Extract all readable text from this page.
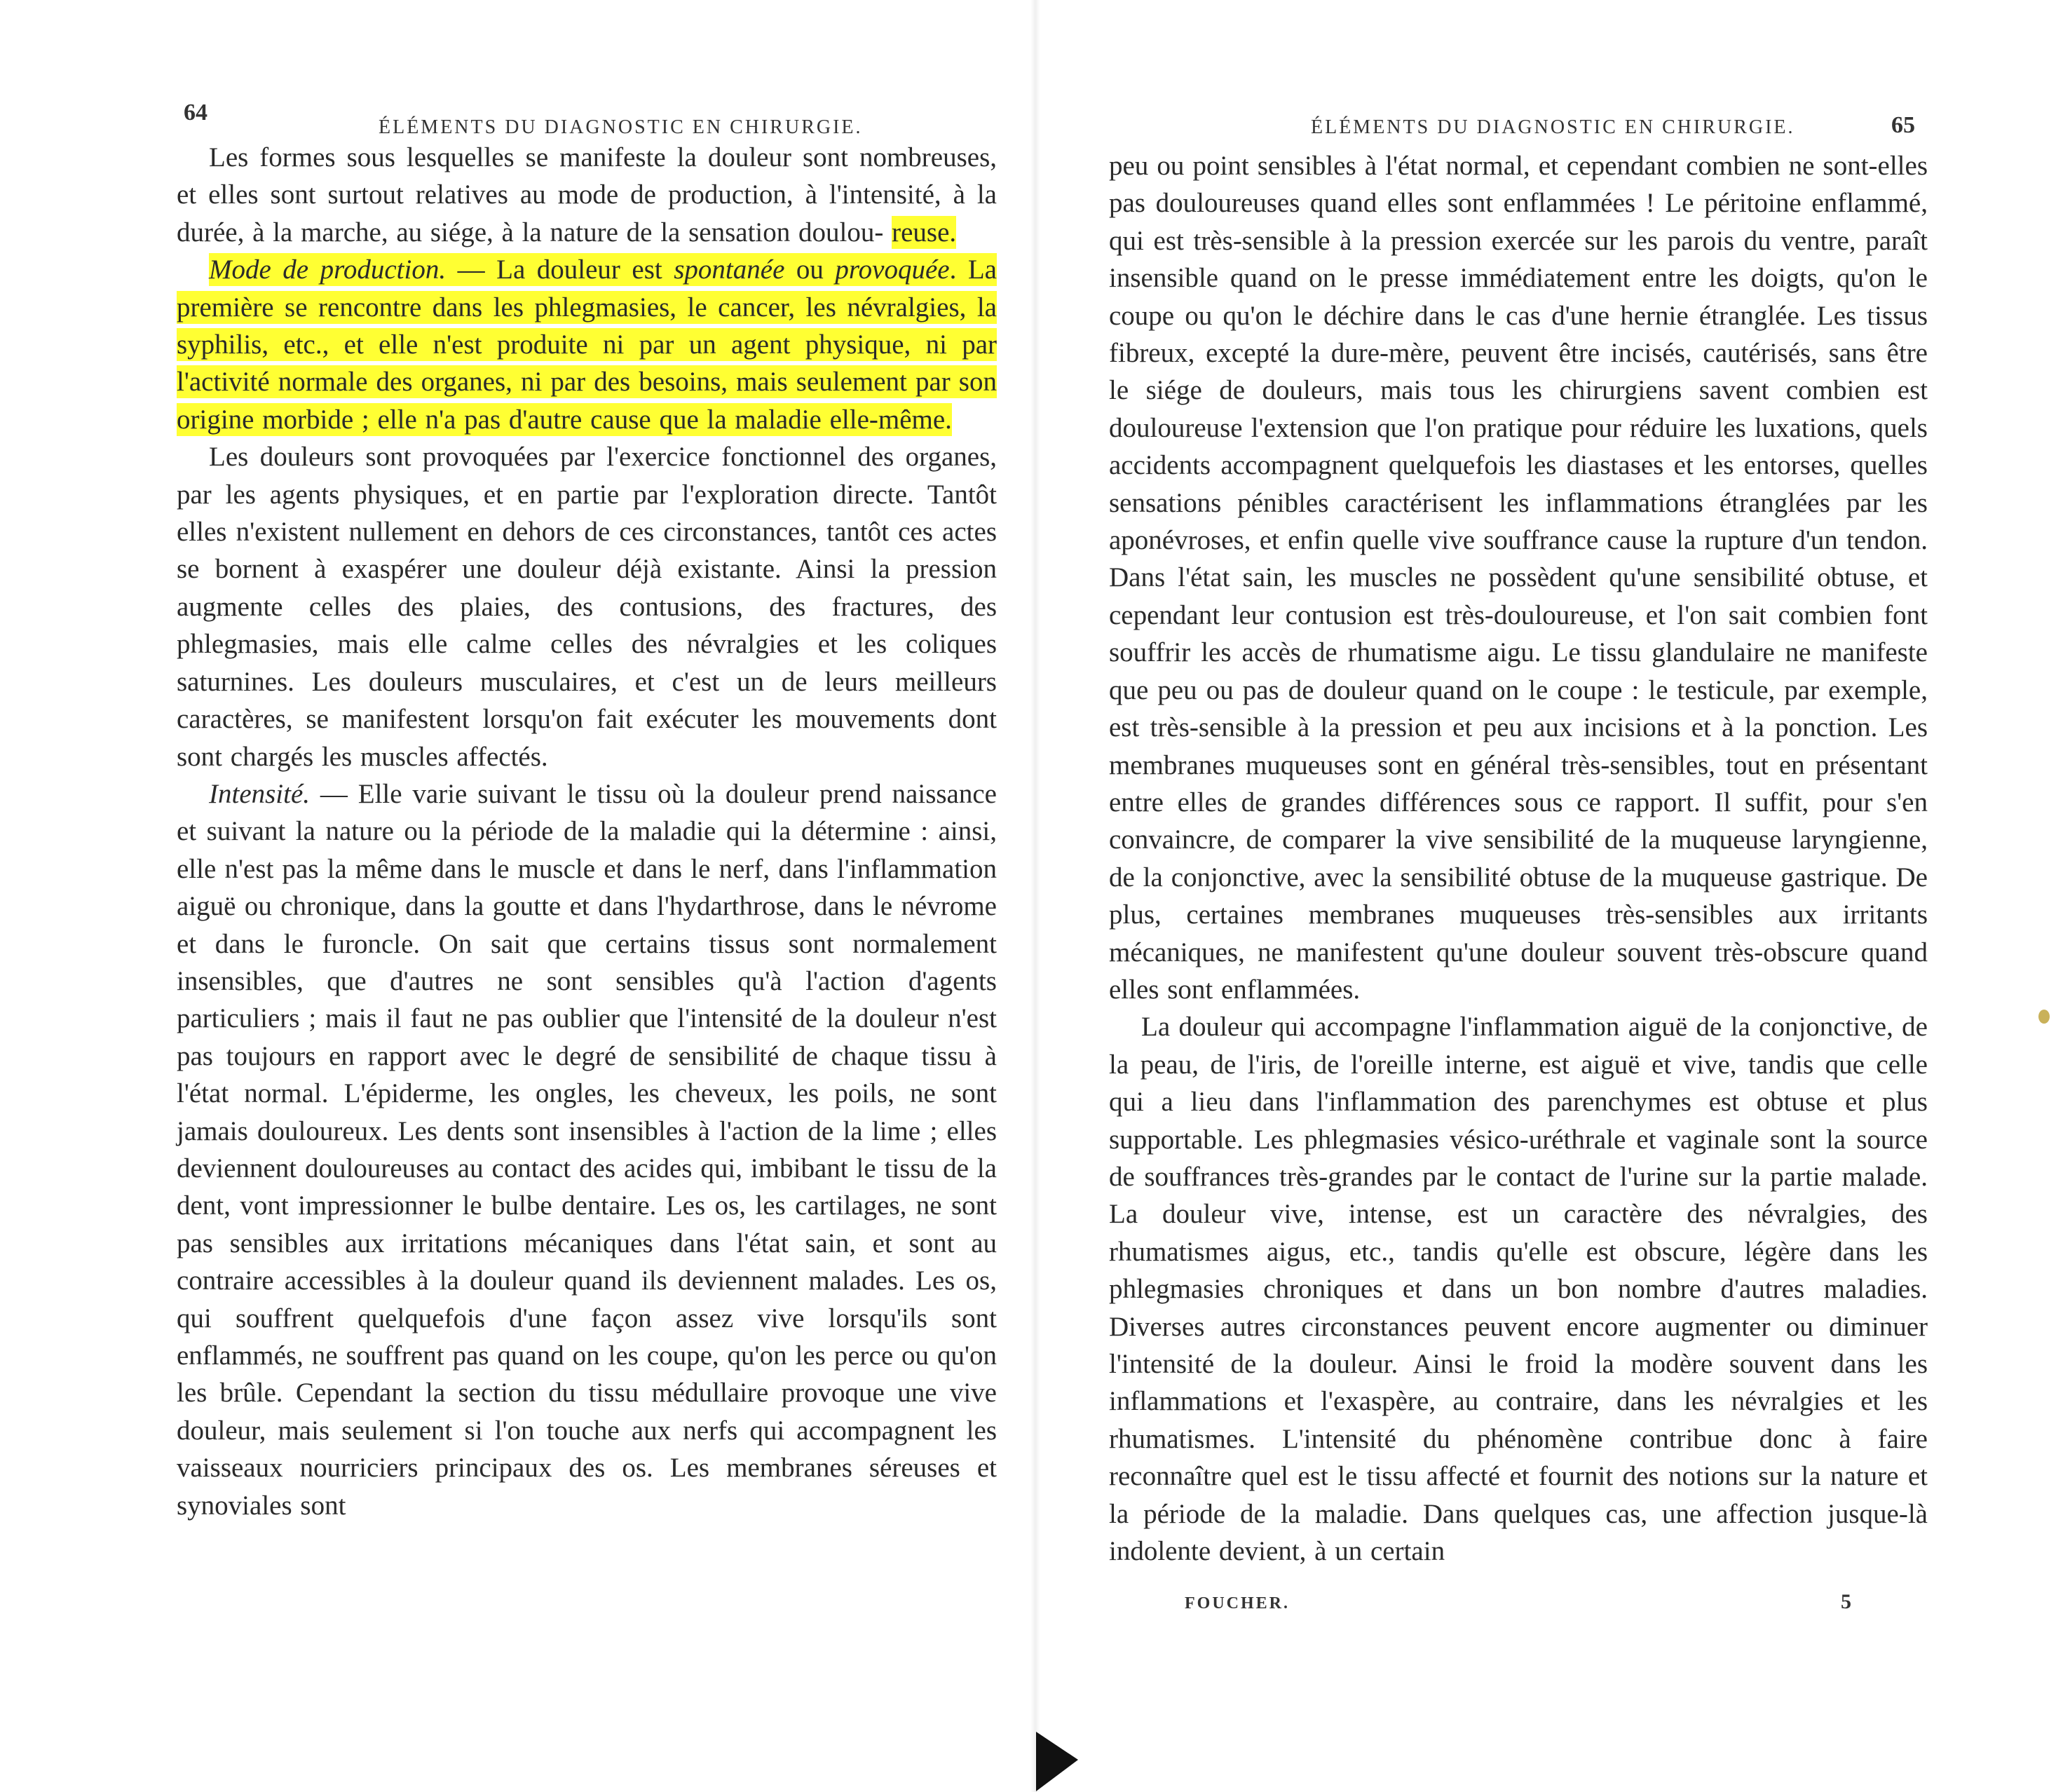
64
ÉLÉMENTS DU DIAGNOSTIC EN CHIRURGIE.

Les formes sous lesquelles se manifeste la douleur sont nombreuses, et elles sont surtout relatives au mode de production, à l'intensité, à la durée, à la marche, au siége, à la nature de la sensation doulou- reuse.

Mode de production. — La douleur est spontanée ou provoquée. La première se rencontre dans les phlegmasies, le cancer, les névralgies, la syphilis, etc., et elle n'est produite ni par un agent physique, ni par l'activité normale des organes, ni par des besoins, mais seulement par son origine morbide ; elle n'a pas d'autre cause que la maladie elle-même.

Les douleurs sont provoquées par l'exercice fonctionnel des organes, par les agents physiques, et en partie par l'exploration directe. Tantôt elles n'existent nullement en dehors de ces circonstances, tantôt ces actes se bornent à exaspérer une douleur déjà existante. Ainsi la pression augmente celles des plaies, des contusions, des fractures, des phlegmasies, mais elle calme celles des névralgies et les coliques saturnines. Les douleurs musculaires, et c'est un de leurs meilleurs caractères, se manifestent lorsqu'on fait exécuter les mouvements dont sont chargés les muscles affectés.

Intensité. — Elle varie suivant le tissu où la douleur prend naissance et suivant la nature ou la période de la maladie qui la détermine : ainsi, elle n'est pas la même dans le muscle et dans le nerf, dans l'inflammation aiguë ou chronique, dans la goutte et dans l'hydarthrose, dans le névrome et dans le furoncle. On sait que certains tissus sont normalement insensibles, que d'autres ne sont sensibles qu'à l'action d'agents particuliers ; mais il faut ne pas oublier que l'intensité de la douleur n'est pas toujours en rapport avec le degré de sensibilité de chaque tissu à l'état normal. L'épiderme, les ongles, les cheveux, les poils, ne sont jamais douloureux. Les dents sont insensibles à l'action de la lime ; elles deviennent douloureuses au contact des acides qui, imbibant le tissu de la dent, vont impressionner le bulbe dentaire. Les os, les cartilages, ne sont pas sensibles aux irritations mécaniques dans l'état sain, et sont au contraire accessibles à la douleur quand ils deviennent malades. Les os, qui souffrent quelquefois d'une façon assez vive lorsqu'ils sont enflammés, ne souffrent pas quand on les coupe, qu'on les perce ou qu'on les brûle. Cependant la section du tissu médullaire provoque une vive douleur, mais seulement si l'on touche aux nerfs qui accompagnent les vaisseaux nourriciers principaux des os. Les membranes séreuses et synoviales sont

ÉLÉMENTS DU DIAGNOSTIC EN CHIRURGIE.	65

peu ou point sensibles à l'état normal, et cependant combien ne sont-elles pas douloureuses quand elles sont enflammées ! Le péritoine enflammé, qui est très-sensible à la pression exercée sur les parois du ventre, paraît insensible quand on le presse immédiatement entre les doigts, qu'on le coupe ou qu'on le déchire dans le cas d'une hernie étranglée. Les tissus fibreux, excepté la dure-mère, peuvent être incisés, cautérisés, sans être le siége de douleurs, mais tous les chirurgiens savent combien est douloureuse l'extension que l'on pratique pour réduire les luxations, quels accidents accompagnent quelquefois les diastases et les entorses, quelles sensations pénibles caractérisent les inflammations étranglées par les aponévroses, et enfin quelle vive souffrance cause la rupture d'un tendon. Dans l'état sain, les muscles ne possèdent qu'une sensibilité obtuse, et cependant leur contusion est très-douloureuse, et l'on sait combien font souffrir les accès de rhumatisme aigu. Le tissu glandulaire ne manifeste que peu ou pas de douleur quand on le coupe : le testicule, par exemple, est très-sensible à la pression et peu aux incisions et à la ponction. Les membranes muqueuses sont en général très-sensibles, tout en présentant entre elles de grandes différences sous ce rapport. Il suffit, pour s'en convaincre, de comparer la vive sensibilité de la muqueuse laryngienne, de la conjonctive, avec la sensibilité obtuse de la muqueuse gastrique. De plus, certaines membranes muqueuses très-sensibles aux irritants mécaniques, ne manifestent qu'une douleur souvent très-obscure quand elles sont enflammées.

La douleur qui accompagne l'inflammation aiguë de la conjonctive, de la peau, de l'iris, de l'oreille interne, est aiguë et vive, tandis que celle qui a lieu dans l'inflammation des parenchymes est obtuse et plus supportable. Les phlegmasies vésico-uréthrale et vaginale sont la source de souffrances très-grandes par le contact de l'urine sur la partie malade. La douleur vive, intense, est un caractère des névralgies, des rhumatismes aigus, etc., tandis qu'elle est obscure, légère dans les phlegmasies chroniques et dans un bon nombre d'autres maladies. Diverses autres circonstances peuvent encore augmenter ou diminuer l'intensité de la douleur. Ainsi le froid la modère souvent dans les inflammations et l'exaspère, au contraire, dans les névralgies et les rhumatismes. L'intensité du phénomène contribue donc à faire reconnaître quel est le tissu affecté et fournit des notions sur la nature et la période de la maladie. Dans quelques cas, une affection jusque-là indolente devient, à un certain

FOUCHER.	5
